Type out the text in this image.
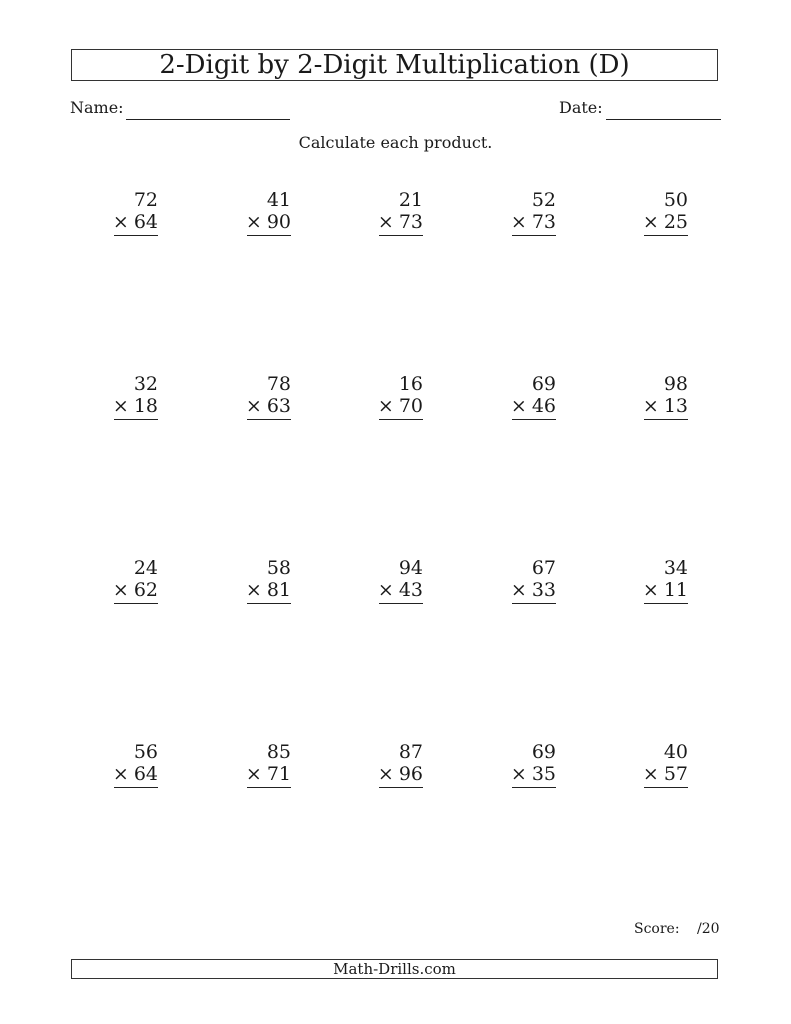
2-Digit by 2-Digit Multiplication (D)
Name:	Date:
Calculate each product.
72
× 64
41
× 90
21
× 73
52
× 73
50
× 25
32
× 18
78
× 63
16
× 70
69
× 46
98
× 13
24
× 62
58
× 81
94
× 43
67
× 33
34
× 11
56
× 64
85
× 71
87
× 96
69
× 35
40
× 57
Score: /20
Math-Drills.com
